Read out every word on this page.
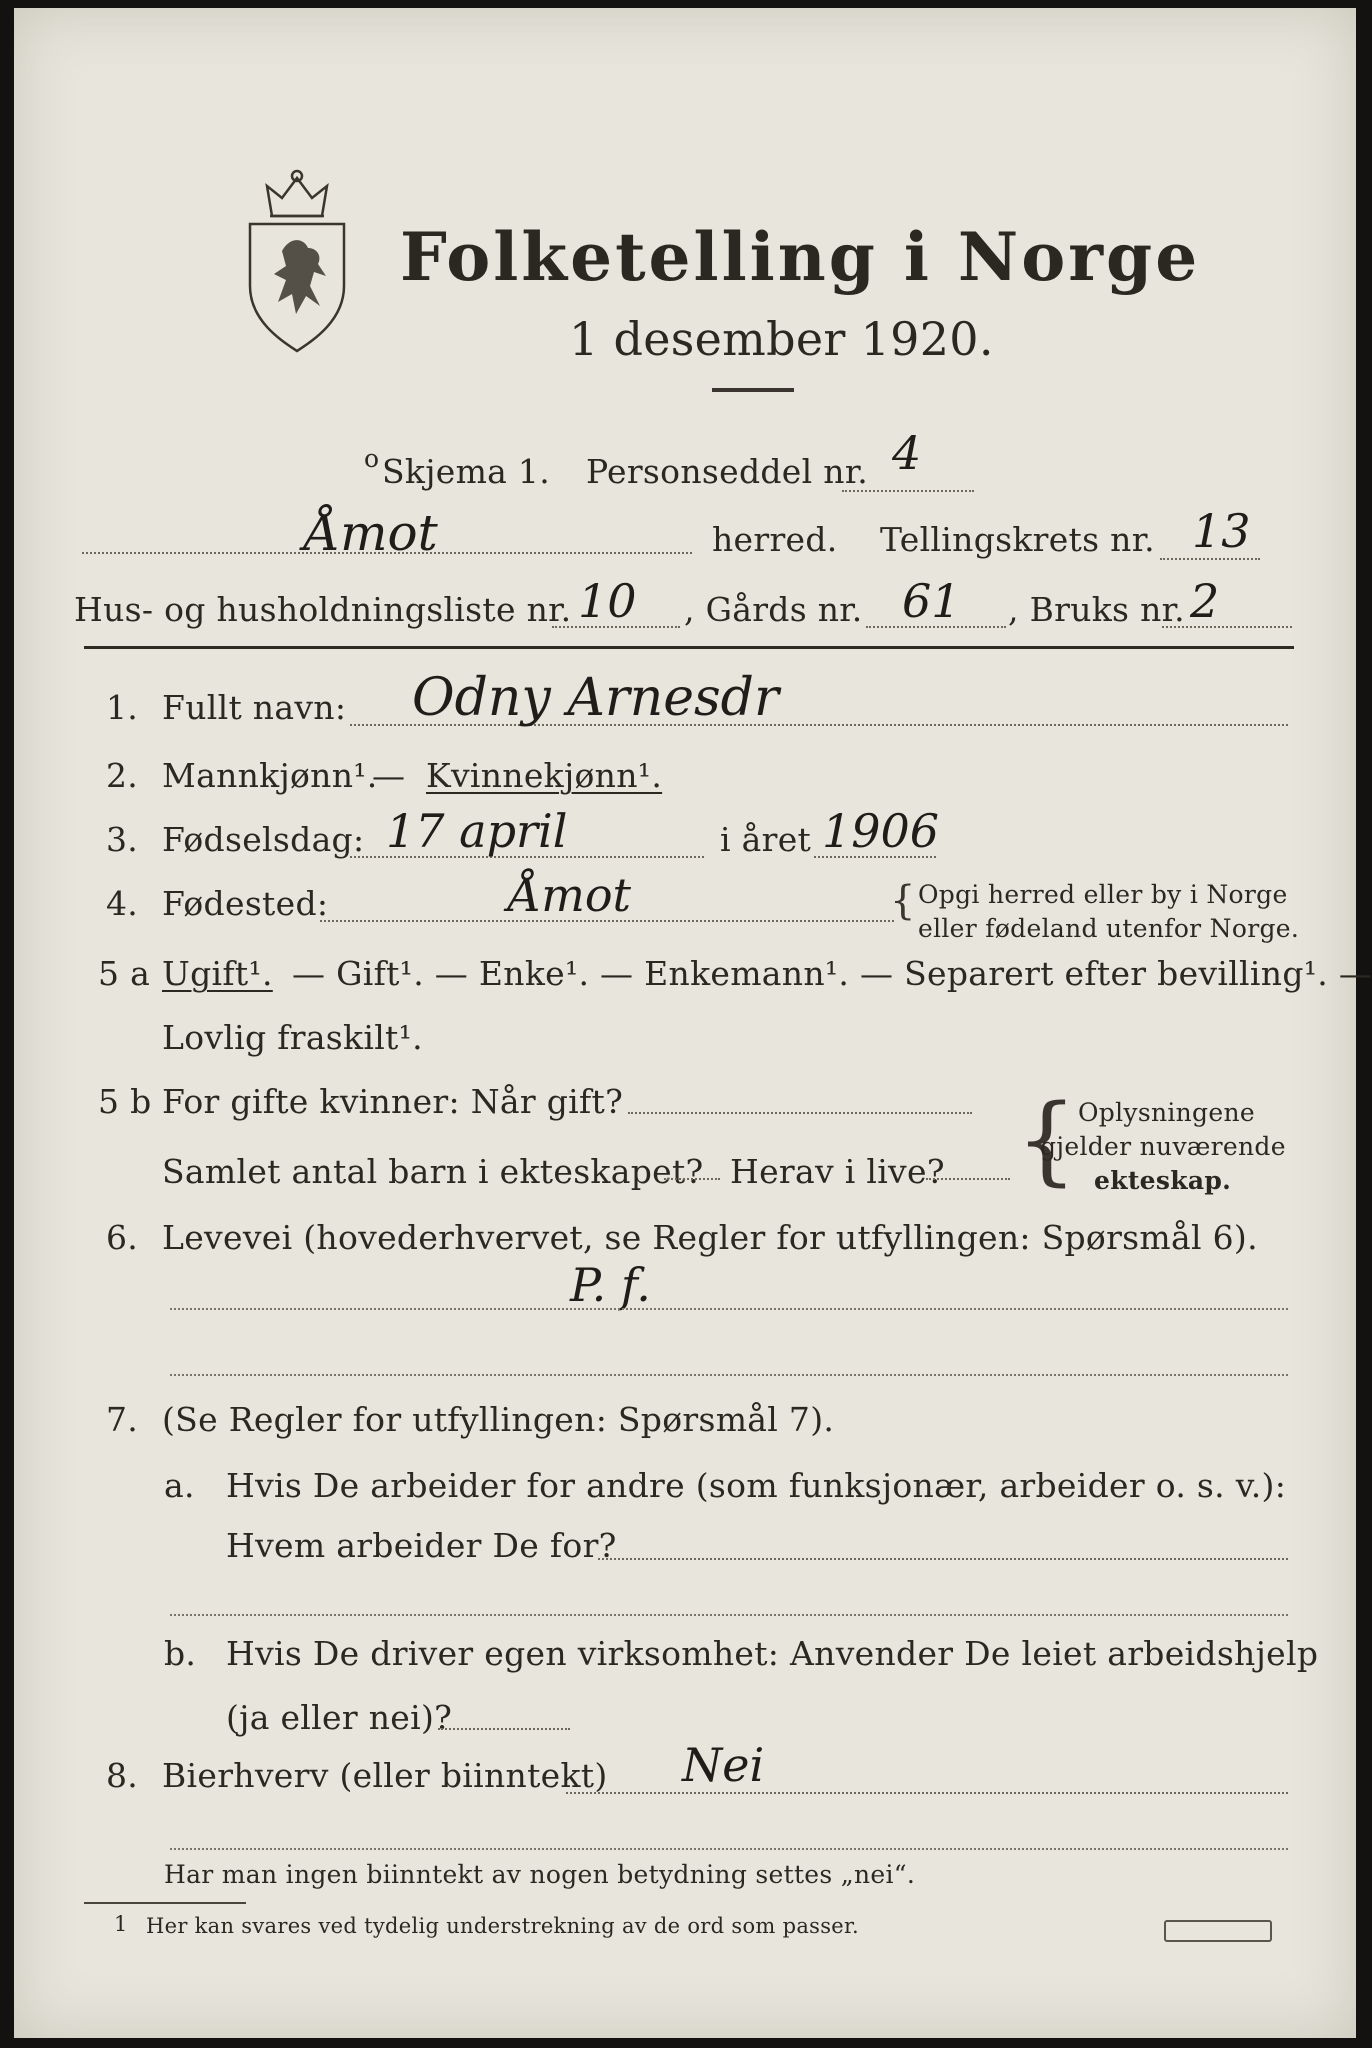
Folketelling i Norge
1 desember 1920.
o Skjema 1. Personseddel nr. 4
Åmot	herred. Tellingskrets nr. 13
Hus- og husholdningsliste nr. 10 , Gårds nr. 61 , Bruks nr. 2
1. Fullt navn: Odny Arnesdr
2. Mannkjønn¹.
— Kvinnekjønn¹.
3. Fødselsdag: 17 april	i året 1906
4. Fødested:	Åmot	{ Opgi herred eller by i Norge
eller fødeland utenfor Norge.
5 a Ugift¹. — Gift¹. — Enke¹. — Enkemann¹. — Separert efter bevilling¹. —
Lovlig fraskilt¹.
5 b For gifte kvinner: Når gift?
Samlet antal barn i ekteskapet? Herav i live? { Oplysningene
gjelder nuværende
ekteskap.
6. Levevei (hovederhvervet, se Regler for utfyllingen: Spørsmål 6).
P. f.
7. (Se Regler for utfyllingen: Spørsmål 7).
a. Hvis De arbeider for andre (som funksjonær, arbeider o. s. v.):
Hvem arbeider De for?
b. Hvis De driver egen virksomhet: Anvender De leiet arbeidshjelp
(ja eller nei)?
8. Bierhverv (eller biinntekt) Nei
Har man ingen biinntekt av nogen betydning settes „nei“.
1 Her kan svares ved tydelig understrekning av de ord som passer.
